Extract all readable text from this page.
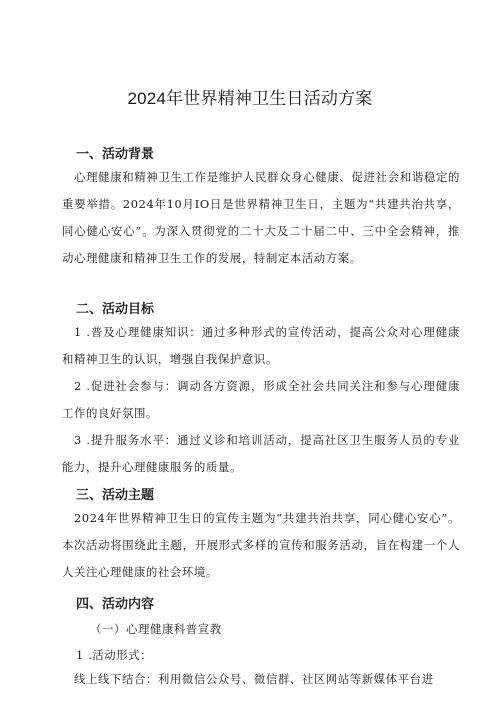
2024年世界精神卫生日活动方案
一、活动背景

心理健康和精神卫生工作是维护人民群众身心健康、促进社会和谐稳定的重要举措。2024年10月IO日是世界精神卫生日，主题为“共建共治共享，同心健心安心”。为深入贯彻党的二十大及二十届二中、三中全会精神，推动心理健康和精神卫生工作的发展，特制定本活动方案。

二、活动目标

1 .普及心理健康知识：通过多种形式的宣传活动，提高公众对心理健康和精神卫生的认识，增强自我保护意识。

2 .促进社会参与：调动各方资源，形成全社会共同关注和参与心理健康工作的良好氛围。

3 .提升服务水平：通过义诊和培训活动，提高社区卫生服务人员的专业能力，提升心理健康服务的质量。

三、活动主题

2024年世界精神卫生日的宣传主题为“共建共治共享，同心健心安心”。本次活动将围绕此主题，开展形式多样的宣传和服务活动，旨在构建一个人人关注心理健康的社会环境。

四、活动内容

（一）心理健康科普宣教

1 .活动形式：

线上线下结合：利用微信公众号、微信群、社区网站等新媒体平台进
